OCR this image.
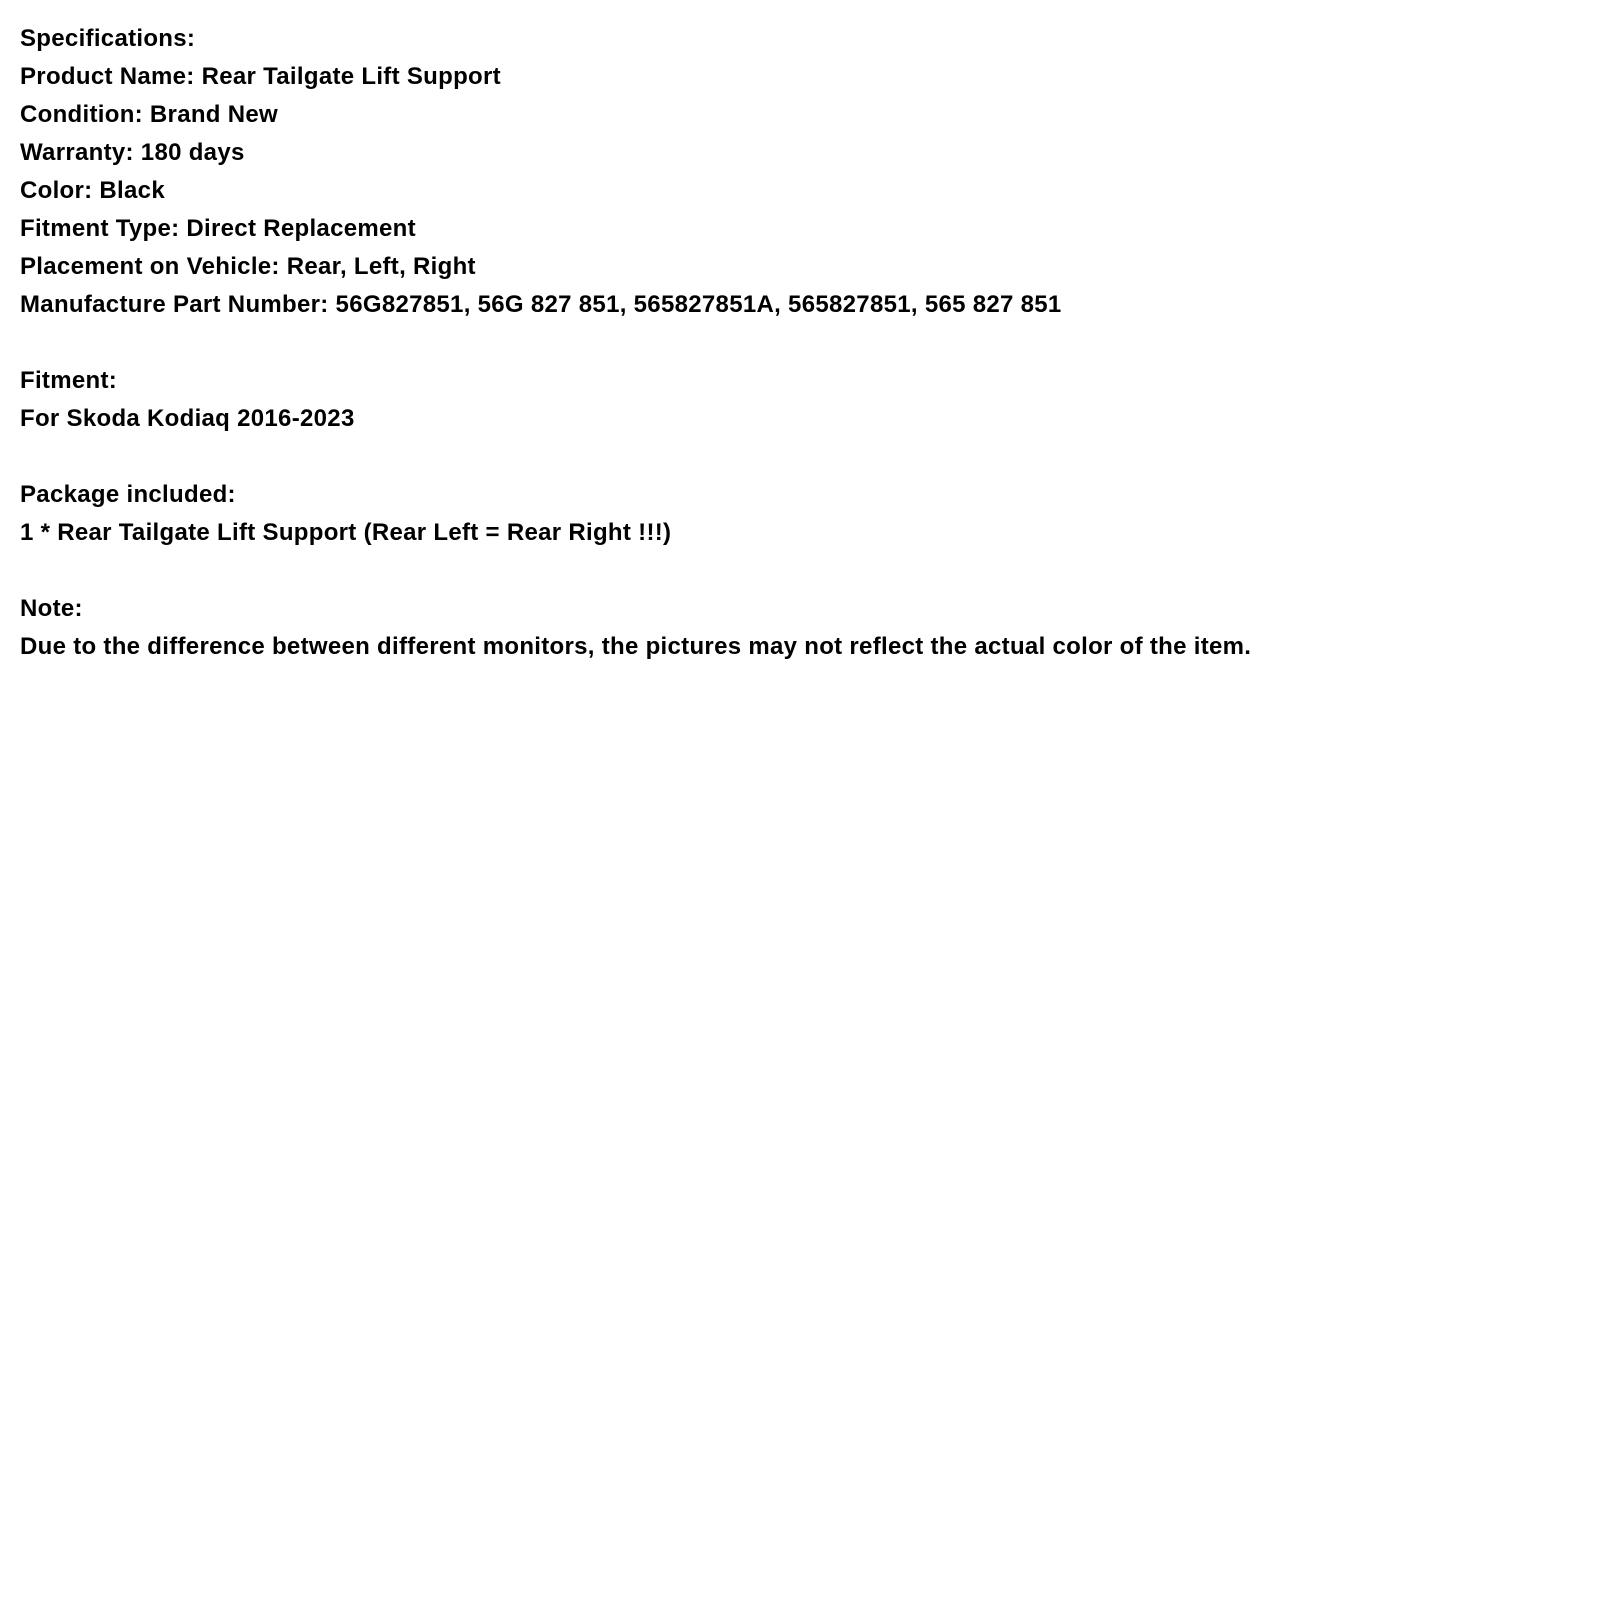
Specifications:
Product Name: Rear Tailgate Lift Support
Condition: Brand New
Warranty: 180 days
Color: Black
Fitment Type: Direct Replacement
Placement on Vehicle: Rear, Left, Right
Manufacture Part Number: 56G827851, 56G 827 851, 565827851A, 565827851, 565 827 851
Fitment:
For Skoda Kodiaq 2016-2023
Package included:
1 * Rear Tailgate Lift Support (Rear Left = Rear Right !!!)
Note:
Due to the difference between different monitors, the pictures may not reflect the actual color of the item.
